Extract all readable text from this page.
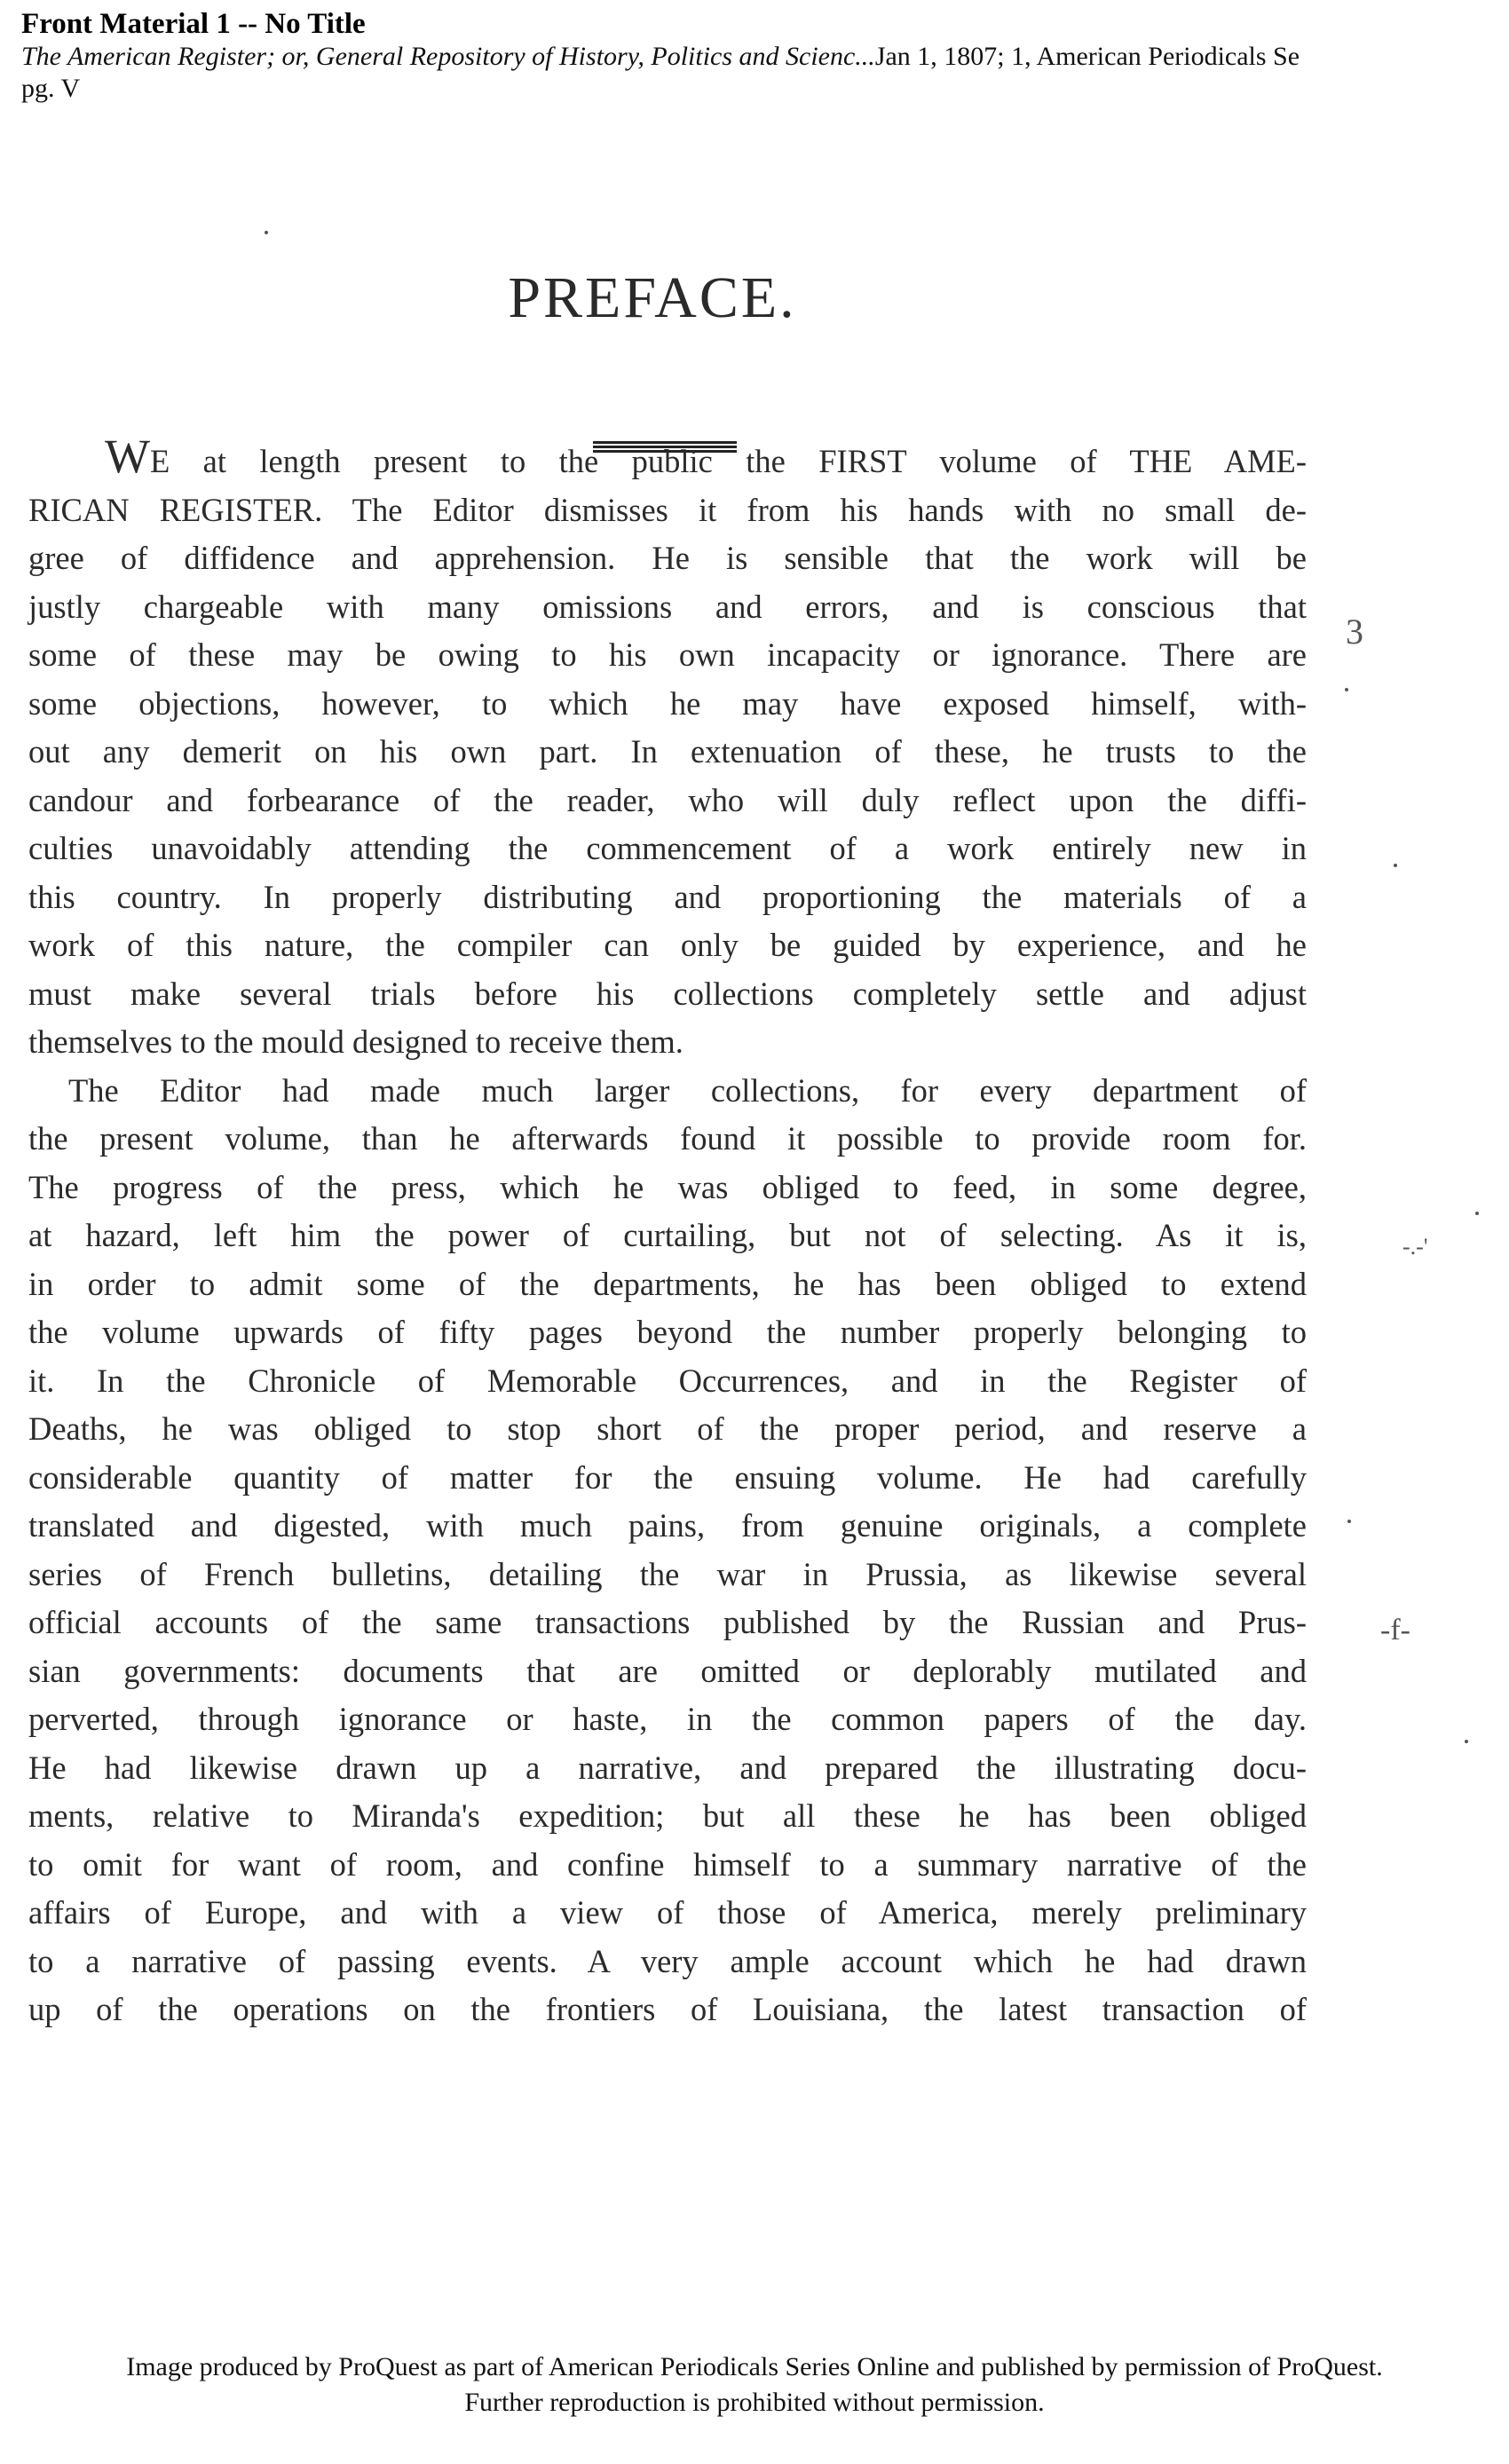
Front Material 1 -- No Title
The American Register; or, General Repository of History, Politics and Scienc...Jan 1, 1807; 1, American Periodicals Se
pg. V
PREFACE.
3
-.-'
-f-
WE at length present to the public the FIRST volume of THE AME-
RICAN REGISTER. The Editor dismisses it from his hands with no small de-
gree of diffidence and apprehension. He is sensible that the work will be
justly chargeable with many omissions and errors, and is conscious that
some of these may be owing to his own incapacity or ignorance. There are
some objections, however, to which he may have exposed himself, with-
out any demerit on his own part. In extenuation of these, he trusts to the
candour and forbearance of the reader, who will duly reflect upon the diffi-
culties unavoidably attending the commencement of a work entirely new in
this country. In properly distributing and proportioning the materials of a
work of this nature, the compiler can only be guided by experience, and he
must make several trials before his collections completely settle and adjust
themselves to the mould designed to receive them.
The Editor had made much larger collections, for every department of
the present volume, than he afterwards found it possible to provide room for.
The progress of the press, which he was obliged to feed, in some degree,
at hazard, left him the power of curtailing, but not of selecting. As it is,
in order to admit some of the departments, he has been obliged to extend
the volume upwards of fifty pages beyond the number properly belonging to
it. In the Chronicle of Memorable Occurrences, and in the Register of
Deaths, he was obliged to stop short of the proper period, and reserve a
considerable quantity of matter for the ensuing volume. He had carefully
translated and digested, with much pains, from genuine originals, a complete
series of French bulletins, detailing the war in Prussia, as likewise several
official accounts of the same transactions published by the Russian and Prus-
sian governments: documents that are omitted or deplorably mutilated and
perverted, through ignorance or haste, in the common papers of the day.
He had likewise drawn up a narrative, and prepared the illustrating docu-
ments, relative to Miranda's expedition; but all these he has been obliged
to omit for want of room, and confine himself to a summary narrative of the
affairs of Europe, and with a view of those of America, merely preliminary
to a narrative of passing events. A very ample account which he had drawn
up of the operations on the frontiers of Louisiana, the latest transaction of
Image produced by ProQuest as part of American Periodicals Series Online and published by permission of ProQuest.
Further reproduction is prohibited without permission.
